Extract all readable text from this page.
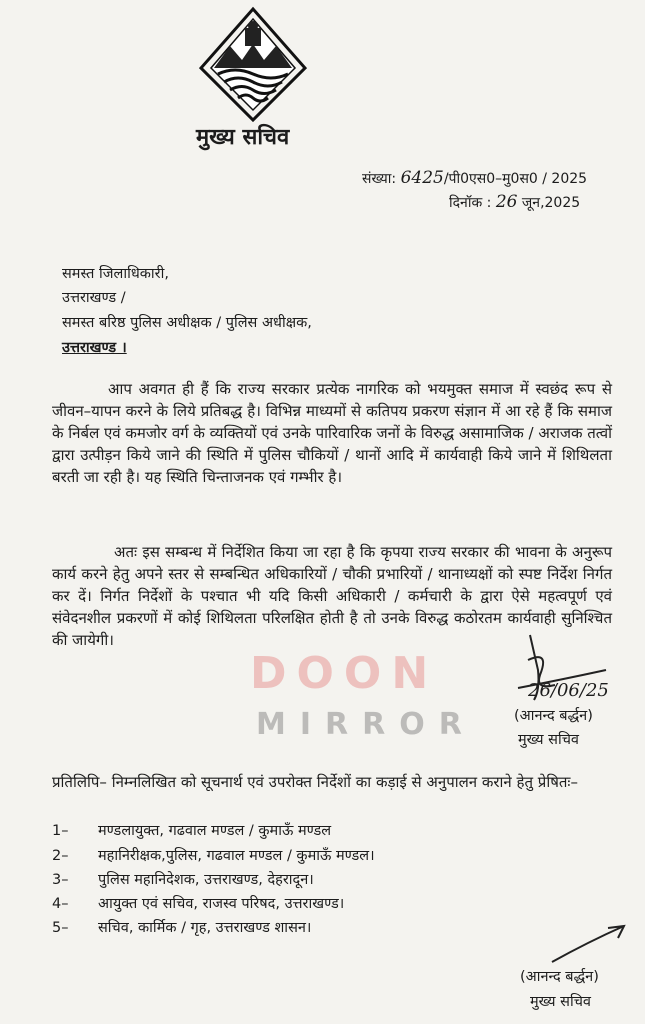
मुख्य सचिव
संख्या: 6425/पी0एस0–मु0स0 / 2025
दिनॉक : 26 जून,2025
समस्त जिलाधिकारी,
उत्तराखण्ड /
समस्त बरिष्ठ पुलिस अधीक्षक / पुलिस अधीक्षक,
उत्तराखण्ड ।
आप अवगत ही हैं कि राज्य सरकार प्रत्येक नागरिक को भयमुक्त समाज में स्वछंद रूप से जीवन–यापन करने के लिये प्रतिबद्ध है। विभिन्न माध्यमों से कतिपय प्रकरण संज्ञान में आ रहे हैं कि समाज के निर्बल एवं कमजोर वर्ग के व्यक्तियों एवं उनके पारिवारिक जनों के विरुद्ध असामाजिक / अराजक तत्वों द्वारा उत्पीड़न किये जाने की स्थिति में पुलिस चौकियों / थानों आदि में कार्यवाही किये जाने में शिथिलता बरती जा रही है। यह स्थिति चिन्ताजनक एवं गम्भीर है।
अतः इस सम्बन्ध में निर्देशित किया जा रहा है कि कृपया राज्य सरकार की भावना के अनुरूप कार्य करने हेतु अपने स्तर से सम्बन्धित अधिकारियों / चौकी प्रभारियों / थानाध्यक्षों को स्पष्ट निर्देश निर्गत कर दें। निर्गत निर्देशों के पश्चात भी यदि किसी अधिकारी / कर्मचारी के द्वारा ऐसे महत्वपूर्ण एवं संवेदनशील प्रकरणों में कोई शिथिलता परिलक्षित होती है तो उनके विरुद्ध कठोरतम कार्यवाही सुनिश्चित की जायेगी।
DOON
MIRROR
26/06/25
(आनन्द बर्द्धन)
मुख्य सचिव
प्रतिलिपि– निम्नलिखित को सूचनार्थ एवं उपरोक्त निर्देशों का कड़ाई से अनुपालन कराने हेतु प्रेषितः–
1– मण्डलायुक्त, गढवाल मण्डल / कुमाऊँ मण्डल
2– महानिरीक्षक,पुलिस, गढवाल मण्डल / कुमाऊँ मण्डल।
3– पुलिस महानिदेशक, उत्तराखण्ड, देहरादून।
4– आयुक्त एवं सचिव, राजस्व परिषद, उत्तराखण्ड।
5– सचिव, कार्मिक / गृह, उत्तराखण्ड शासन।
(आनन्द बर्द्धन)
मुख्य सचिव
